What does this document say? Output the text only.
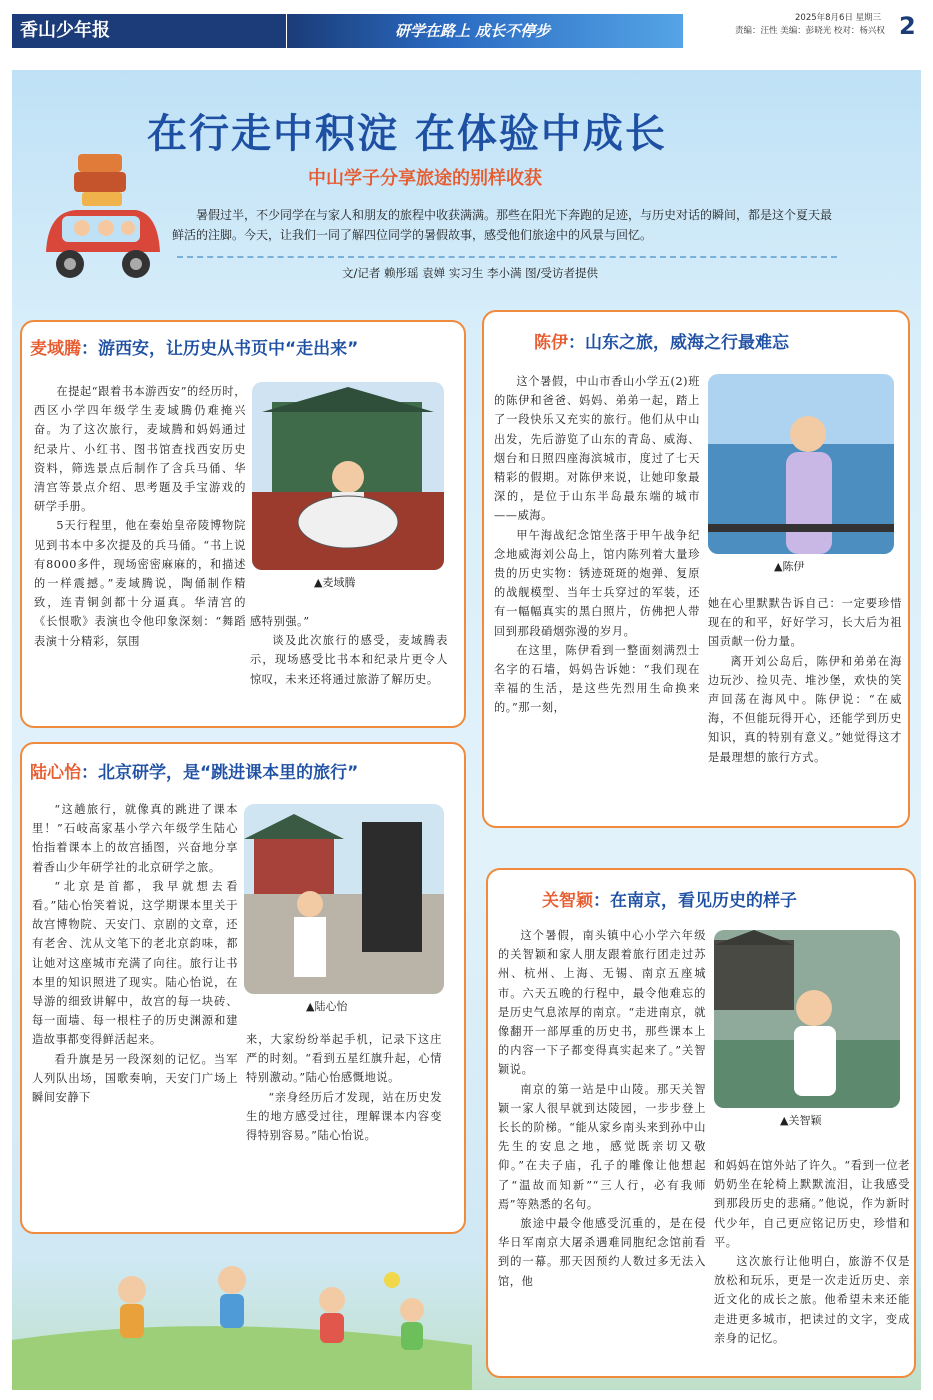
香山少年报	研学在路上 成长不停步
2025年8月6日 星期三
责编：汪性 美编：彭晓光 校对：杨兴权 2
在行走中积淀 在体验中成长
中山学子分享旅途的别样收获
暑假过半，不少同学在与家人和朋友的旅程中收获满满。那些在阳光下奔跑的足迹，与历史对话的瞬间，都是这个夏天最鲜活的注脚。今天，让我们一同了解四位同学的暑假故事，感受他们旅途中的风景与回忆。
文/记者 赖彤瑶 袁婵 实习生 李小满 图/受访者提供
麦域腾：游西安，让历史从书页中“走出来”
▲麦域腾

在提起“跟着书本游西安”的经历时，西区小学四年级学生麦域腾仍难掩兴奋。为了这次旅行，麦域腾和妈妈通过纪录片、小红书、图书馆查找西安历史资料，筛选景点后制作了含兵马俑、华清宫等景点介绍、思考题及手宝游戏的研学手册。

5天行程里，他在秦始皇帝陵博物院见到书本中多次提及的兵马俑。“书上说有8000多件，现场密密麻麻的，和描述的一样震撼。”麦域腾说，陶俑制作精致，连青铜剑都十分逼真。华清宫的《长恨歌》表演也令他印象深刻：“舞蹈表演十分精彩，氛围

感特别强。”

谈及此次旅行的感受，麦域腾表示，现场感受比书本和纪录片更令人惊叹，未来还将通过旅游了解历史。

陈伊：山东之旅，威海之行最难忘
▲陈伊

这个暑假，中山市香山小学五(2)班的陈伊和爸爸、妈妈、弟弟一起，踏上了一段快乐又充实的旅行。他们从中山出发，先后游览了山东的青岛、威海、烟台和日照四座海滨城市，度过了七天精彩的假期。对陈伊来说，让她印象最深的，是位于山东半岛最东端的城市——威海。

甲午海战纪念馆坐落于甲午战争纪念地威海刘公岛上，馆内陈列着大量珍贵的历史实物：锈迹斑斑的炮弹、复原的战舰模型、当年士兵穿过的军装，还有一幅幅真实的黑白照片，仿佛把人带回到那段硝烟弥漫的岁月。

在这里，陈伊看到一整面刻满烈士名字的石墙，妈妈告诉她：“我们现在幸福的生活，是这些先烈用生命换来的。”那一刻，

她在心里默默告诉自己：一定要珍惜现在的和平，好好学习，长大后为祖国贡献一份力量。

离开刘公岛后，陈伊和弟弟在海边玩沙、捡贝壳、堆沙堡，欢快的笑声回荡在海风中。陈伊说：“在威海，不但能玩得开心，还能学到历史知识，真的特别有意义。”她觉得这才是最理想的旅行方式。

陆心怡：北京研学，是“跳进课本里的旅行”
▲陆心怡

“这趟旅行，就像真的跳进了课本里！”石岐高家基小学六年级学生陆心怡指着课本上的故宫插图，兴奋地分享着香山少年研学社的北京研学之旅。

“北京是首都，我早就想去看看。”陆心怡笑着说，这学期课本里关于故宫博物院、天安门、京剧的文章，还有老舍、沈从文笔下的老北京韵味，都让她对这座城市充满了向往。旅行让书本里的知识照进了现实。陆心怡说，在导游的细致讲解中，故宫的每一块砖、每一面墙、每一根柱子的历史渊源和建造故事都变得鲜活起来。

看升旗是另一段深刻的记忆。当军人列队出场，国歌奏响，天安门广场上瞬间安静下

来，大家纷纷举起手机，记录下这庄严的时刻。“看到五星红旗升起，心情特别激动。”陆心怡感慨地说。

“亲身经历后才发现，站在历史发生的地方感受过往，理解课本内容变得特别容易。”陆心怡说。

关智颖：在南京，看见历史的样子
▲关智颖

这个暑假，南头镇中心小学六年级的关智颖和家人朋友跟着旅行团走过苏州、杭州、上海、无锡、南京五座城市。六天五晚的行程中，最令他难忘的是历史气息浓厚的南京。“走进南京，就像翻开一部厚重的历史书，那些课本上的内容一下子都变得真实起来了。”关智颖说。

南京的第一站是中山陵。那天关智颖一家人很早就到达陵园，一步步登上长长的阶梯。“能从家乡南头来到孙中山先生的安息之地，感觉既亲切又敬仰。”在夫子庙，孔子的雕像让他想起了“温故而知新”“三人行，必有我师焉”等熟悉的名句。

旅途中最令他感受沉重的，是在侵华日军南京大屠杀遇难同胞纪念馆前看到的一幕。那天因预约人数过多无法入馆，他

和妈妈在馆外站了许久。“看到一位老奶奶坐在轮椅上默默流泪，让我感受到那段历史的悲痛。”他说，作为新时代少年，自己更应铭记历史，珍惜和平。

这次旅行让他明白，旅游不仅是放松和玩乐，更是一次走近历史、亲近文化的成长之旅。他希望未来还能走进更多城市，把读过的文字，变成亲身的记忆。
